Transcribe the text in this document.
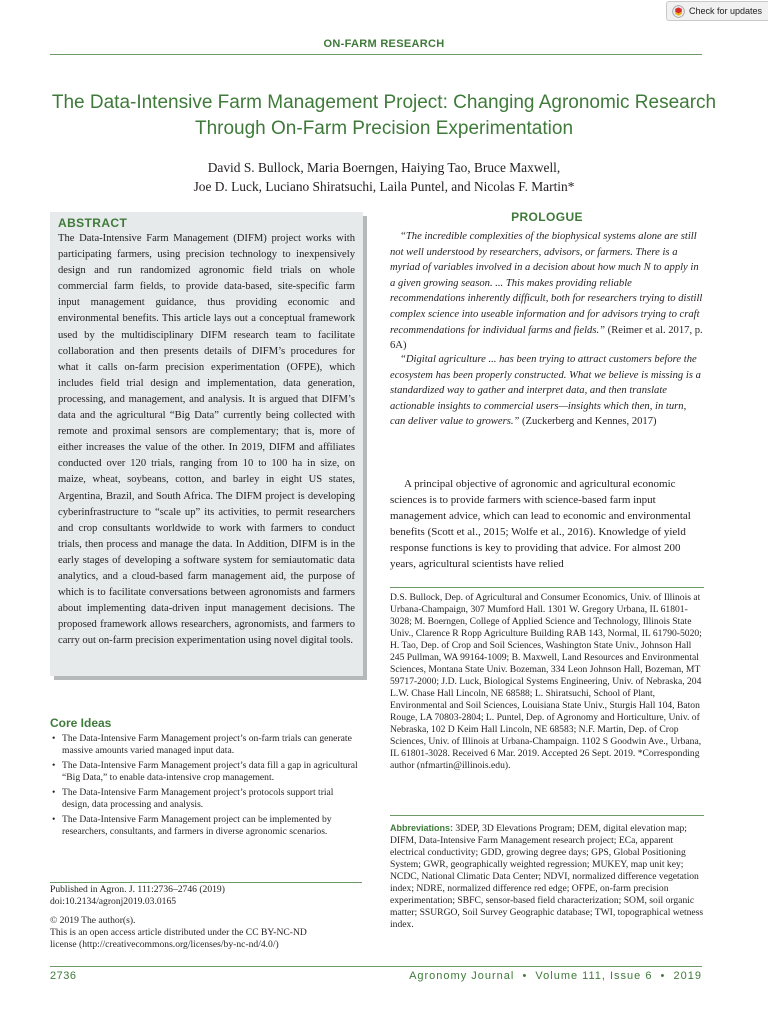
Check for updates
ON-FARM RESEARCH
The Data-Intensive Farm Management Project: Changing Agronomic Research Through On-Farm Precision Experimentation
David S. Bullock, Maria Boerngen, Haiying Tao, Bruce Maxwell,
Joe D. Luck, Luciano Shiratsuchi, Laila Puntel, and Nicolas F. Martin*
ABSTRACT

The Data-Intensive Farm Management (DIFM) project works with participating farmers, using precision technology to inexpensively design and run randomized agronomic field trials on whole commercial farm fields, to provide data-based, site-specific farm input management guidance, thus providing economic and environmental benefits. This article lays out a conceptual framework used by the multidisciplinary DIFM research team to facilitate collaboration and then presents details of DIFM’s procedures for what it calls on-farm precision experimentation (OFPE), which includes field trial design and implementation, data generation, processing, and management, and analysis. It is argued that DIFM’s data and the agricultural “Big Data” currently being collected with remote and proximal sensors are complementary; that is, more of either increases the value of the other. In 2019, DIFM and affiliates conducted over 120 trials, ranging from 10 to 100 ha in size, on maize, wheat, soybeans, cotton, and barley in eight US states, Argentina, Brazil, and South Africa. The DIFM project is developing cyberinfrastructure to “scale up” its activities, to permit researchers and crop consultants worldwide to work with farmers to conduct trials, then process and manage the data. In Addition, DIFM is in the early stages of developing a software system for semiautomatic data analytics, and a cloud-based farm management aid, the purpose of which is to facilitate conversations between agronomists and farmers about implementing data-driven input management decisions. The proposed framework allows researchers, agronomists, and farmers to carry out on-farm precision experimentation using novel digital tools.

Core Ideas
• The Data-Intensive Farm Management project’s on-farm trials can generate massive amounts varied managed input data.
• The Data-Intensive Farm Management project’s data fill a gap in agricultural “Big Data,” to enable data-intensive crop management.
• The Data-Intensive Farm Management project’s protocols support trial design, data processing and analysis.
• The Data-Intensive Farm Management project can be implemented by researchers, consultants, and farmers in diverse agronomic scenarios.
Published in Agron. J. 111:2736–2746 (2019)
doi:10.2134/agronj2019.03.0165
© 2019 The author(s).
This is an open access article distributed under the CC BY-NC-ND
license (http://creativecommons.org/licenses/by-nc-nd/4.0/)
PROLOGUE

“The incredible complexities of the biophysical systems alone are still not well understood by researchers, advisors, or farmers. There is a myriad of variables involved in a decision about how much N to apply in a given growing season. ... This makes providing reliable recommendations inherently difficult, both for researchers trying to distill complex science into useable information and for advisors trying to craft recommendations for individual farms and fields.” (Reimer et al. 2017, p. 6A)

“Digital agriculture ... has been trying to attract customers before the ecosystem has been properly constructed. What we believe is missing is a standardized way to gather and interpret data, and then translate actionable insights to commercial users—insights which then, in turn, can deliver value to growers.” (Zuckerberg and Kennes, 2017)

A principal objective of agronomic and agricultural economic sciences is to provide farmers with science-based farm input management advice, which can lead to economic and environmental benefits (Scott et al., 2015; Wolfe et al., 2016). Knowledge of yield response functions is key to providing that advice. For almost 200 years, agricultural scientists have relied

D.S. Bullock, Dep. of Agricultural and Consumer Economics, Univ. of Illinois at Urbana-Champaign, 307 Mumford Hall. 1301 W. Gregory Urbana, IL 61801-3028; M. Boerngen, College of Applied Science and Technology, Illinois State Univ., Clarence R Ropp Agriculture Building RAB 143, Normal, IL 61790-5020; H. Tao, Dep. of Crop and Soil Sciences, Washington State Univ., Johnson Hall 245 Pullman, WA 99164-1009; B. Maxwell, Land Resources and Environmental Sciences, Montana State Univ. Bozeman, 334 Leon Johnson Hall, Bozeman, MT 59717-2000; J.D. Luck, Biological Systems Engineering, Univ. of Nebraska, 204 L.W. Chase Hall Lincoln, NE 68588; L. Shiratsuchi, School of Plant, Environmental and Soil Sciences, Louisiana State Univ., Sturgis Hall 104, Baton Rouge, LA 70803-2804; L. Puntel, Dep. of Agronomy and Horticulture, Univ. of Nebraska, 102 D Keim Hall Lincoln, NE 68583; N.F. Martin, Dep. of Crop Sciences, Univ. of Illinois at Urbana-Champaign. 1102 S Goodwin Ave., Urbana, IL 61801-3028. Received 6 Mar. 2019. Accepted 26 Sept. 2019. *Corresponding author (nfmartin@illinois.edu).

Abbreviations: 3DEP, 3D Elevations Program; DEM, digital elevation map; DIFM, Data-Intensive Farm Management research project; ECa, apparent electrical conductivity; GDD, growing degree days; GPS, Global Positioning System; GWR, geographically weighted regression; MUKEY, map unit key; NCDC, National Climatic Data Center; NDVI, normalized difference vegetation index; NDRE, normalized difference red edge; OFPE, on-farm precision experimentation; SBFC, sensor-based field characterization; SOM, soil organic matter; SSURGO, Soil Survey Geographic database; TWI, topographical wetness index.

2736	Agronomy Journal  •  Volume 111, Issue 6  •  2019
